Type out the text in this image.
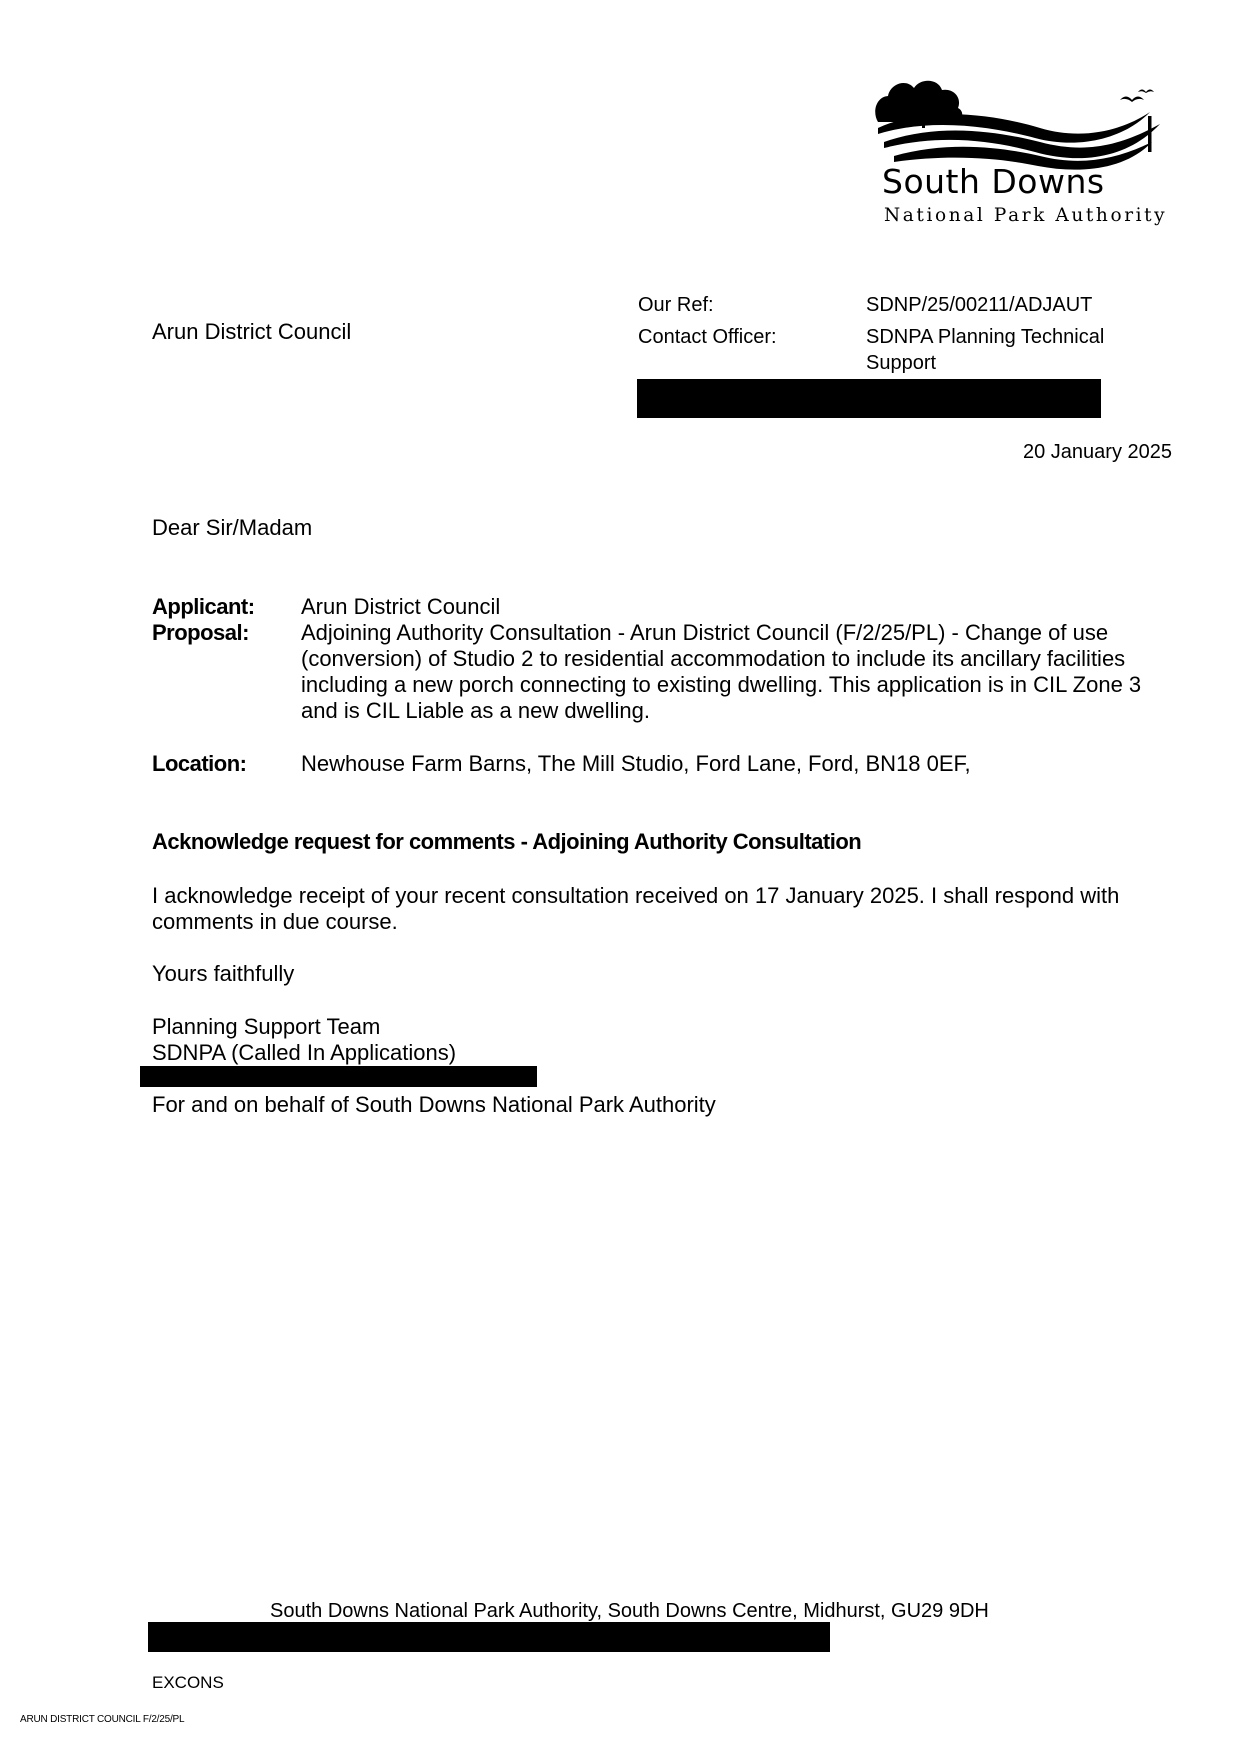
South Downs
National Park Authority
Arun District Council
Our Ref:	SDNP/25/00211/ADJAUT
Contact Officer:	SDNPA Planning Technical Support
20 January 2025
Dear Sir/Madam
Applicant: Arun District Council
Proposal: Adjoining Authority Consultation - Arun District Council (F/2/25/PL) - Change of use (conversion) of Studio 2 to residential accommodation to include its ancillary facilities including a new porch connecting to existing dwelling. This application is in CIL Zone 3 and is CIL Liable as a new dwelling.
Location: Newhouse Farm Barns, The Mill Studio, Ford Lane, Ford, BN18 0EF,
Acknowledge request for comments - Adjoining Authority Consultation
I acknowledge receipt of your recent consultation received on 17 January 2025. I shall respond with comments in due course.
Yours faithfully
Planning Support Team
SDNPA (Called In Applications)
For and on behalf of South Downs National Park Authority
South Downs National Park Authority, South Downs Centre, Midhurst, GU29 9DH
EXCONS
ARUN DISTRICT COUNCIL F/2/25/PL
